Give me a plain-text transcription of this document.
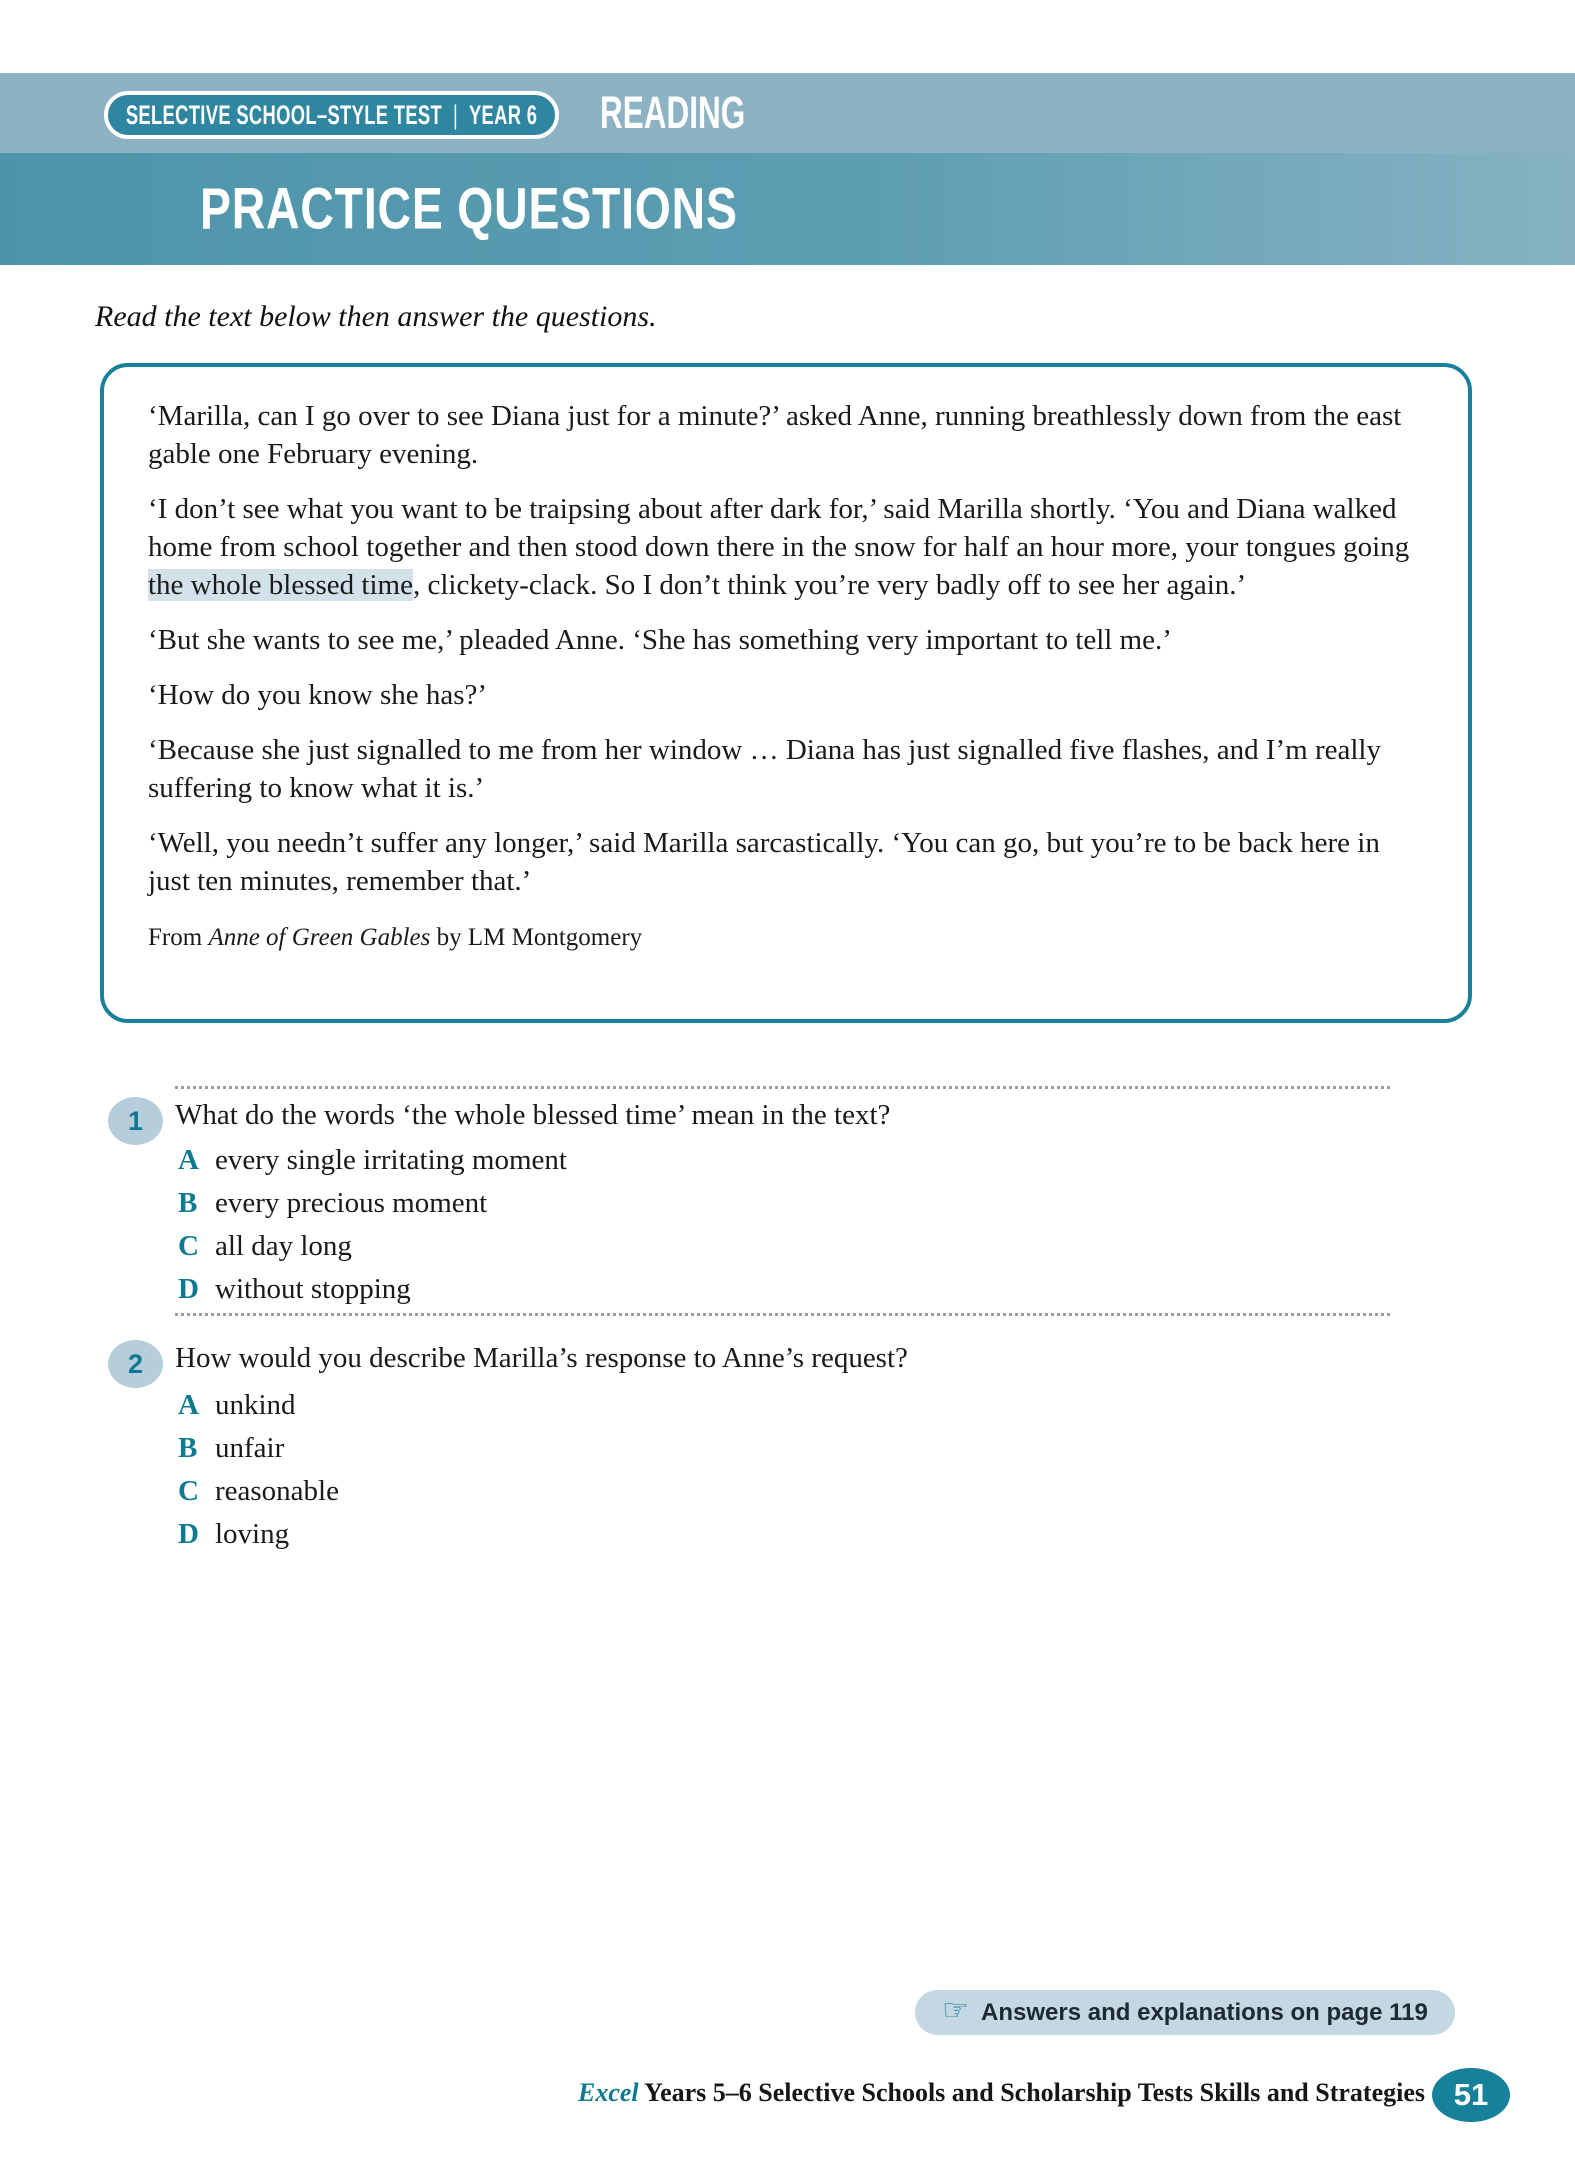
SELECTIVE SCHOOL–STYLE TEST | YEAR 6 READING
PRACTICE QUESTIONS
Read the text below then answer the questions.

‘Marilla, can I go over to see Diana just for a minute?’ asked Anne, running breathlessly down from the east gable one February evening.

‘I don’t see what you want to be traipsing about after dark for,’ said Marilla shortly. ‘You and Diana walked home from school together and then stood down there in the snow for half an hour more, your tongues going the whole blessed time, clickety-clack. So I don’t think you’re very badly off to see her again.’

‘But she wants to see me,’ pleaded Anne. ‘She has something very important to tell me.’

‘How do you know she has?’

‘Because she just signalled to me from her window … Diana has just signalled five flashes, and I’m really suffering to know what it is.’

‘Well, you needn’t suffer any longer,’ said Marilla sarcastically. ‘You can go, but you’re to be back here in just ten minutes, remember that.’

From Anne of Green Gables by LM Montgomery
1	What do the words ‘the whole blessed time’ mean in the text?
A every single irritating moment
B every precious moment
C all day long
D without stopping
2	How would you describe Marilla’s response to Anne’s request?
A unkind
B unfair
C reasonable
D loving
☞ Answers and explanations on page 119
Excel Years 5–6 Selective Schools and Scholarship Tests Skills and Strategies 51
